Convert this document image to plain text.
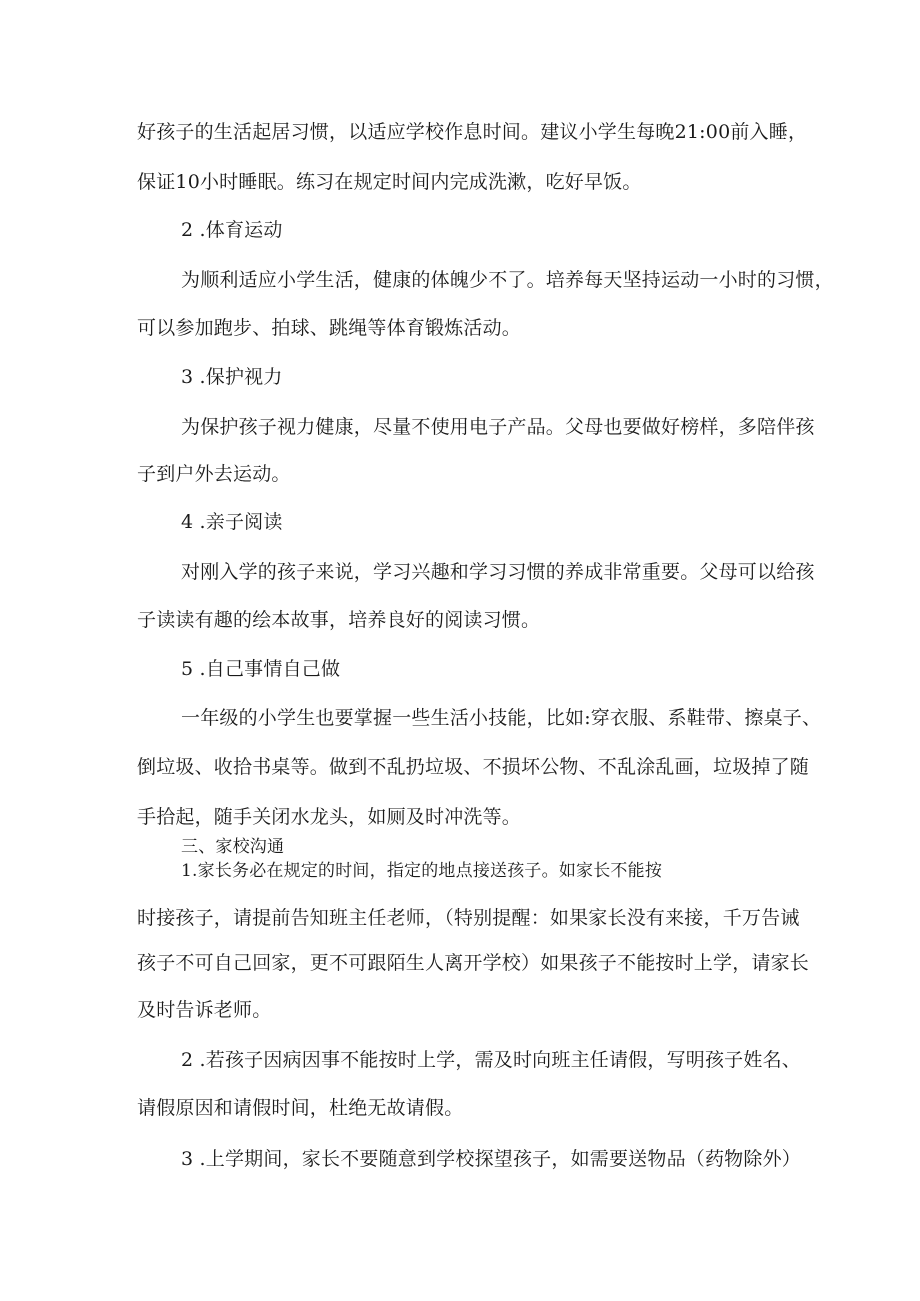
好孩子的生活起居习惯，以适应学校作息时间。建议小学生每晚21:00前入睡，
保证10小时睡眠。练习在规定时间内完成洗漱，吃好早饭。
2 .体育运动
为顺利适应小学生活，健康的体魄少不了。培养每天坚持运动一小时的习惯，
可以参加跑步、拍球、跳绳等体育锻炼活动。
3 .保护视力
为保护孩子视力健康，尽量不使用电子产品。父母也要做好榜样，多陪伴孩
子到户外去运动。
4 .亲子阅读
对刚入学的孩子来说，学习兴趣和学习习惯的养成非常重要。父母可以给孩
子读读有趣的绘本故事，培养良好的阅读习惯。
5 .自己事情自己做
一年级的小学生也要掌握一些生活小技能，比如:穿衣服、系鞋带、擦桌子、
倒垃圾、收拾书桌等。做到不乱扔垃圾、不损坏公物、不乱涂乱画，垃圾掉了随
手拾起，随手关闭水龙头，如厕及时冲洗等。
三、家校沟通
1.家长务必在规定的时间，指定的地点接送孩子。如家长不能按
时接孩子，请提前告知班主任老师，（特别提醒：如果家长没有来接，千万告诫
孩子不可自己回家，更不可跟陌生人离开学校）如果孩子不能按时上学，请家长
及时告诉老师。
2 .若孩子因病因事不能按时上学，需及时向班主任请假，写明孩子姓名、
请假原因和请假时间，杜绝无故请假。
3 .上学期间，家长不要随意到学校探望孩子，如需要送物品（药物除外）
